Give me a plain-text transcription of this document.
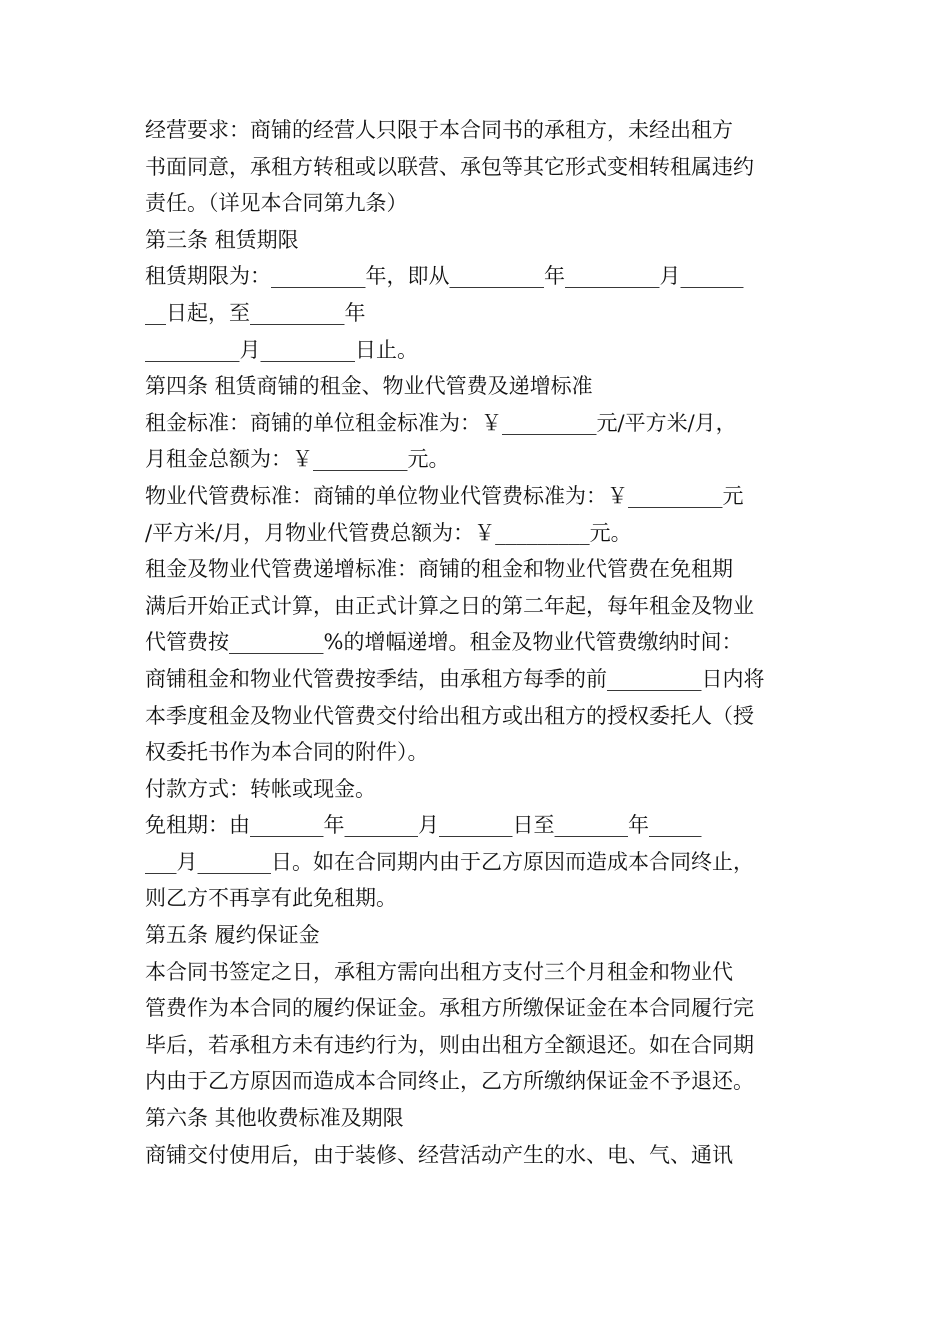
经营要求：商铺的经营人只限于本合同书的承租方，未经出租方
书面同意，承租方转租或以联营、承包等其它形式变相转租属违约
责任。（详见本合同第九条）
第三条 租赁期限
租赁期限为：_________年，即从_________年_________月______
__日起，至_________年
_________月_________日止。
第四条 租赁商铺的租金、物业代管费及递增标准
租金标准：商铺的单位租金标准为：￥_________元/平方米/月，
月租金总额为：￥_________元。
物业代管费标准：商铺的单位物业代管费标准为：￥_________元
/平方米/月，月物业代管费总额为：￥_________元。
租金及物业代管费递增标准：商铺的租金和物业代管费在免租期
满后开始正式计算，由正式计算之日的第二年起，每年租金及物业
代管费按_________%的增幅递增。租金及物业代管费缴纳时间：
商铺租金和物业代管费按季结，由承租方每季的前_________日内将
本季度租金及物业代管费交付给出租方或出租方的授权委托人（授
权委托书作为本合同的附件）。
付款方式：转帐或现金。
免租期：由_______年_______月_______日至_______年_____
___月_______日。如在合同期内由于乙方原因而造成本合同终止，
则乙方不再享有此免租期。
第五条 履约保证金
本合同书签定之日，承租方需向出租方支付三个月租金和物业代
管费作为本合同的履约保证金。承租方所缴保证金在本合同履行完
毕后，若承租方未有违约行为，则由出租方全额退还。如在合同期
内由于乙方原因而造成本合同终止，乙方所缴纳保证金不予退还。
第六条 其他收费标准及期限
商铺交付使用后，由于装修、经营活动产生的水、电、气、通讯
